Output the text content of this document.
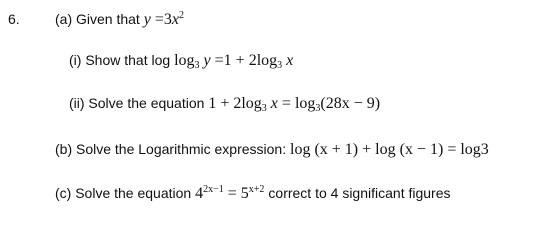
6.	(a) Given that $y =3x^2$
(i) Show that $\log \log_3 y =1 + 2\log_3$ x
(ii) Solve the equation $1 + 2\log_3$ $x = \log_3(28x - 9)$
(b) Solve the Logarithmic expression: log (x + 1) + log (x − 1) = log3
(c) Solve the equation $4^{2x-1} = 5^{x+2}$ correct to 4 significant figures
